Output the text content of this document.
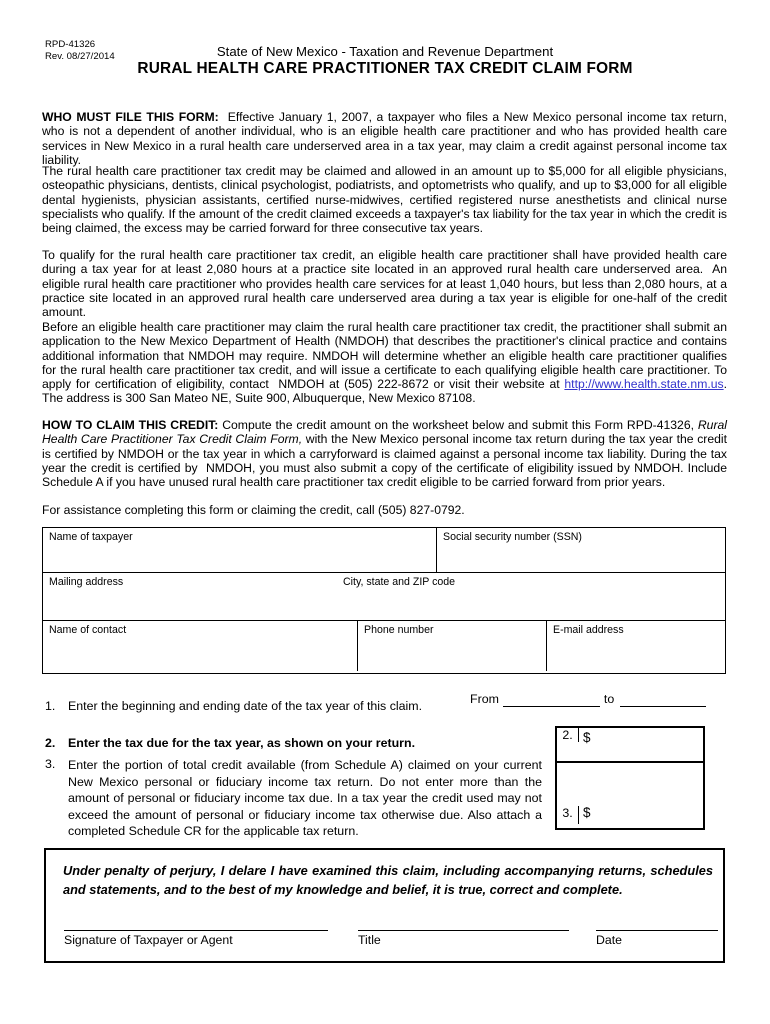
RPD-41326
Rev. 08/27/2014	State of New Mexico - Taxation and Revenue Department
RURAL HEALTH CARE PRACTITIONER TAX CREDIT CLAIM FORM
WHO MUST FILE THIS FORM:  Effective January 1, 2007, a taxpayer who files a New Mexico personal income tax return, who is not a dependent of another individual, who is an eligible health care practitioner and who has provided health care services in New Mexico in a rural health care underserved area in a tax year, may claim a credit against personal income tax liability.
The rural health care practitioner tax credit may be claimed and allowed in an amount up to $5,000 for all eligible physicians, osteopathic physicians, dentists, clinical psychologist, podiatrists, and optometrists who qualify, and up to $3,000 for all eligible dental hygienists, physician assistants, certified nurse-midwives, certified registered nurse anesthetists and clinical nurse specialists who qualify. If the amount of the credit claimed exceeds a taxpayer's tax liability for the tax year in which the credit is being claimed, the excess may be carried forward for three consecutive tax years.
To qualify for the rural health care practitioner tax credit, an eligible health care practitioner shall have provided health care during a tax year for at least 2,080 hours at a practice site located in an approved rural health care underserved area.  An eligible rural health care practitioner who provides health care services for at least 1,040 hours, but less than 2,080 hours, at a practice site located in an approved rural health care underserved area during a tax year is eligible for one-half of the credit amount.
Before an eligible health care practitioner may claim the rural health care practitioner tax credit, the practitioner shall submit an application to the New Mexico Department of Health (NMDOH) that describes the practitioner's clinical practice and contains additional information that NMDOH may require. NMDOH will determine whether an eligible health care practitioner qualifies for the rural health care practitioner tax credit, and will issue a certificate to each qualifying eligible health care practitioner. To apply for certification of eligibility, contact  NMDOH at (505) 222-8672 or visit their website at http://www.health.state.nm.us. The address is 300 San Mateo NE, Suite 900, Albuquerque, New Mexico 87108.
HOW TO CLAIM THIS CREDIT: Compute the credit amount on the worksheet below and submit this Form RPD-41326, Rural Health Care Practitioner Tax Credit Claim Form, with the New Mexico personal income tax return during the tax year the credit is certified by NMDOH or the tax year in which a carryforward is claimed against a personal income tax liability. During the tax year the credit is certified by  NMDOH, you must also submit a copy of the certificate of eligibility issued by NMDOH. Include Schedule A if you have unused rural health care practitioner tax credit eligible to be carried forward from prior years.
For assistance completing this form or claiming the credit, call (505) 827-0792.
Name of taxpayer	Social security number (SSN)
Mailing address	City, state and ZIP code
Name of contact	Phone number	E-mail address
1.	Enter the beginning and ending date of the tax year of this claim.	From	to
2.	Enter the tax due for the tax year, as shown on your return.
3.	Enter the portion of total credit available (from Schedule A) claimed on your current New Mexico personal or fiduciary income tax return. Do not enter more than the amount of personal or fiduciary income tax due. In a tax year the credit used may not exceed the amount of personal or fiduciary income tax otherwise due. Also attach a completed Schedule CR for the applicable tax return.
2. $
3. $
Under penalty of perjury, I delare I have examined this claim, including accompanying returns, schedules and statements, and to the best of my knowledge and belief, it is true, correct and complete.
Signature of Taxpayer or Agent	Title	Date
